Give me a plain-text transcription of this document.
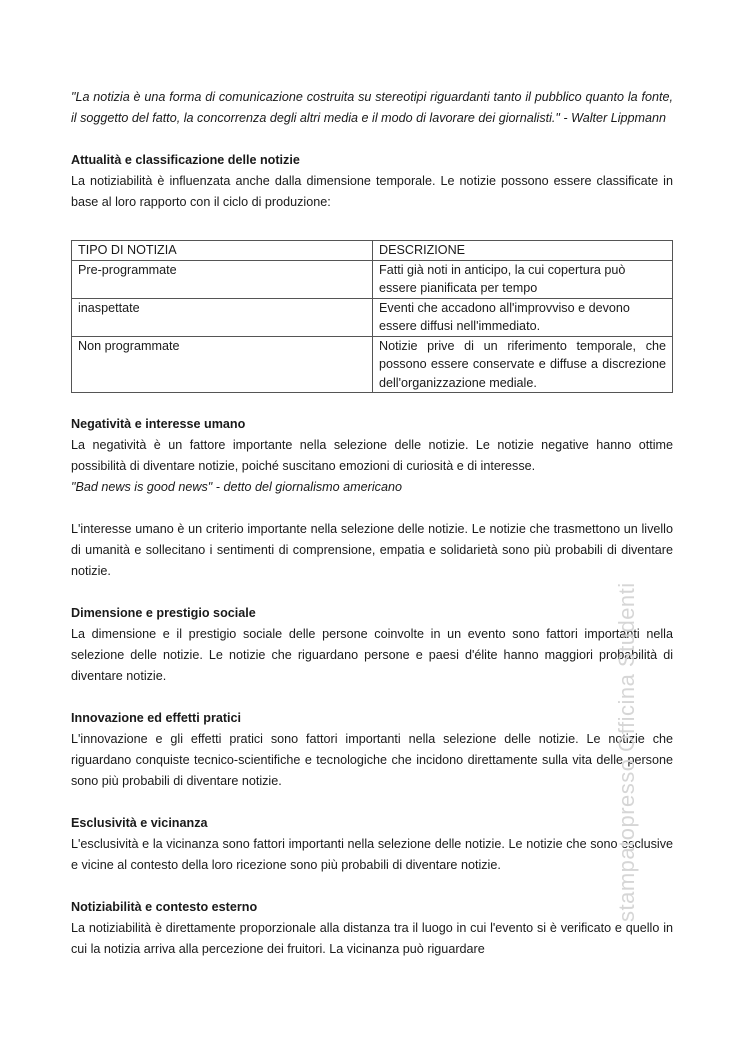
"La notizia è una forma di comunicazione costruita su stereotipi riguardanti tanto il pubblico quanto la fonte, il soggetto del fatto, la concorrenza degli altri media e il modo di lavorare dei giornalisti." - Walter Lippmann

Attualità e classificazione delle notizie

La notiziabilità è influenzata anche dalla dimensione temporale. Le notizie possono essere classificate in base al loro rapporto con il ciclo di produzione:

TIPO DI NOTIZIA	DESCRIZIONE
Pre-programmate	Fatti già noti in anticipo, la cui copertura può essere pianificata per tempo
inaspettate	Eventi che accadono all'improvviso e devono essere diffusi nell'immediato.
Non programmate	Notizie prive di un riferimento temporale, che possono essere conservate e diffuse a discrezione dell'organizzazione mediale.
Negatività e interesse umano

La negatività è un fattore importante nella selezione delle notizie. Le notizie negative hanno ottime possibilità di diventare notizie, poiché suscitano emozioni di curiosità e di interesse.

"Bad news is good news" - detto del giornalismo americano

L'interesse umano è un criterio importante nella selezione delle notizie. Le notizie che trasmettono un livello di umanità e sollecitano i sentimenti di comprensione, empatia e solidarietà sono più probabili di diventare notizie.

Dimensione e prestigio sociale

La dimensione e il prestigio sociale delle persone coinvolte in un evento sono fattori importanti nella selezione delle notizie. Le notizie che riguardano persone e paesi d'élite hanno maggiori probabilità di diventare notizie.

Innovazione ed effetti pratici

L'innovazione e gli effetti pratici sono fattori importanti nella selezione delle notizie. Le notizie che riguardano conquiste tecnico-scientifiche e tecnologiche che incidono direttamente sulla vita delle persone sono più probabili di diventare notizie.

Esclusività e vicinanza

L'esclusività e la vicinanza sono fattori importanti nella selezione delle notizie. Le notizie che sono esclusive e vicine al contesto della loro ricezione sono più probabili di diventare notizie.

Notiziabilità e contesto esterno

La notiziabilità è direttamente proporzionale alla distanza tra il luogo in cui l'evento si è verificato e quello in cui la notizia arriva alla percezione dei fruitori. La vicinanza può riguardare

stampatopresso Officina Studenti
